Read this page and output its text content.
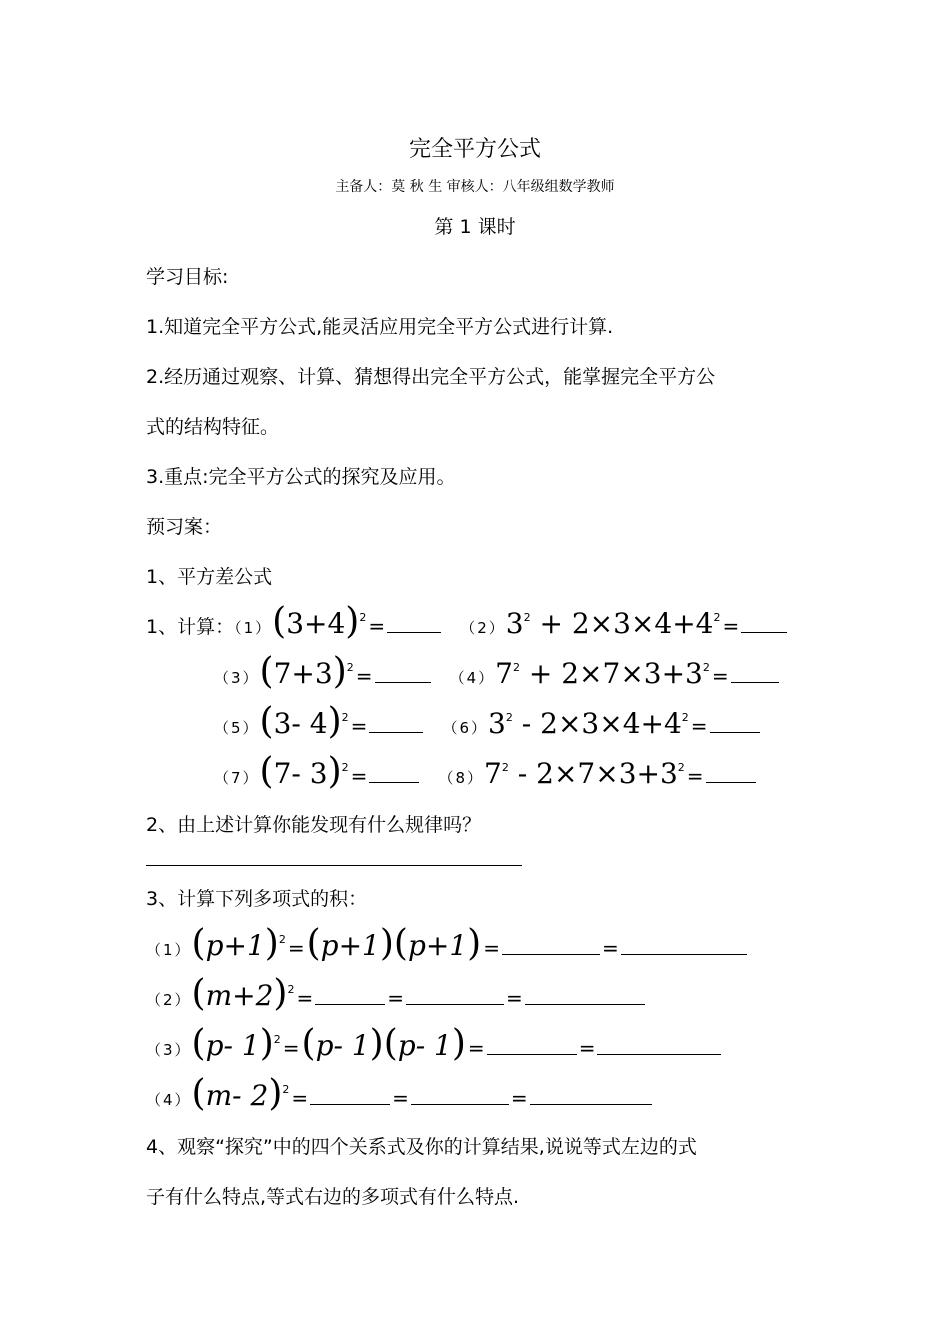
完全平方公式
主备人：莫 秋 生 审核人：八年级组数学教师
第 1 课时
学习目标:
1.知道完全平方公式,能灵活应用完全平方公式进行计算.
2.经历通过观察、计算、猜想得出完全平方公式，能掌握完全平方公
式的结构特征。
3.重点:完全平方公式的探究及应用。
预习案：
1、平方差公式
1、计算：$(1)(3+4)^2$ =	$(2)3^2 + 2\times 3\times 4+4^2$ =
$(3)(7+3)^2$ =	$(4)7^2 + 2\times 7\times 3+3^2$ =
（5）(3- 4)$^2$ =	$(6)3^2 - 2\times 3\times 4+4^2$ =
（7）(7- 3)$^2$ =	$(8)7^2 - 2\times 7\times 3+3^2$ =
2、由上述计算你能发现有什么规律吗？
3、计算下列多项式的积：
$(1)(p+1)^2 =(p+1)(p+1)$ =	=
$(2)(m+2)^2$ =	=	=
（3）(p- 1)$^2$ =(p- 1)(p- 1) =	=
（4）(m- 2)$^2$ =	=	=
4、观察“探究”中的四个关系式及你的计算结果,说说等式左边的式
子有什么特点,等式右边的多项式有什么特点.
